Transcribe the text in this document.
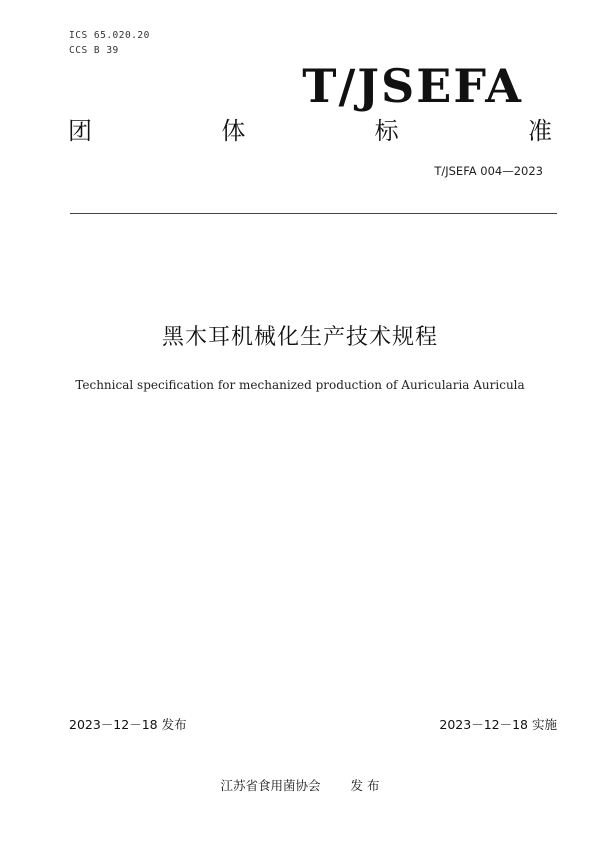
ICS 65.020.20
CCS B 39
T/JSEFA
团	体	标	准
T/JSEFA 004—2023
黑木耳机械化生产技术规程
Technical specification for mechanized production of Auricularia Auricula
2023－12－18 发布	2023－12－18 实施
江苏省食用菌协会 发 布
